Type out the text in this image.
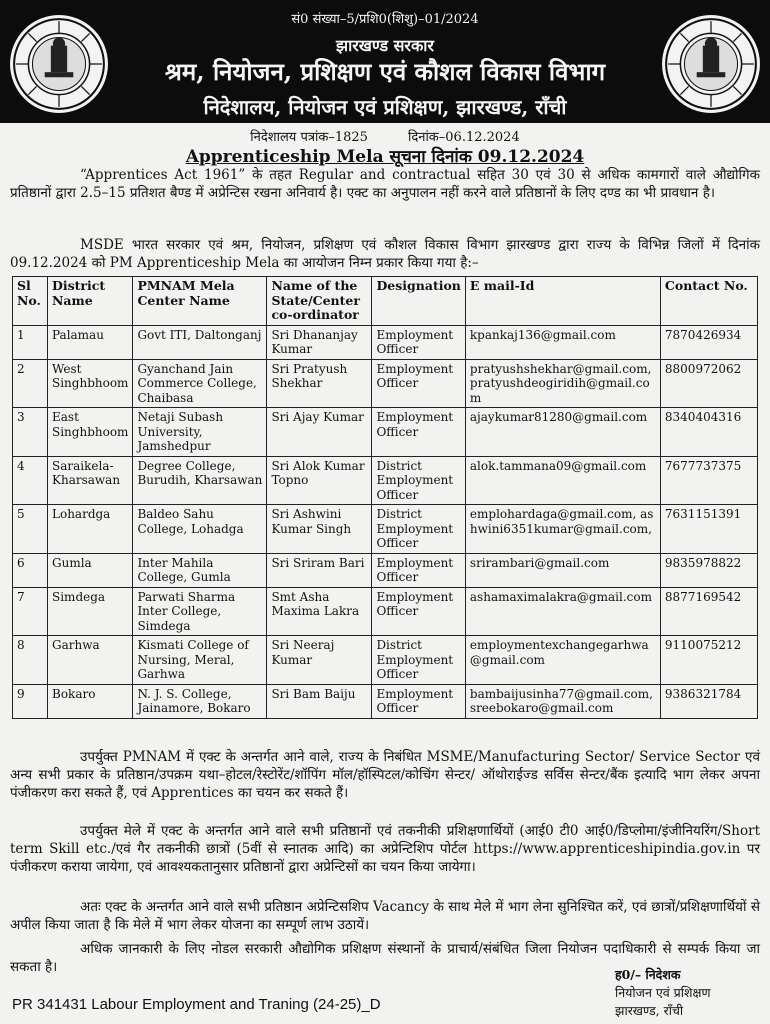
सं0 संख्या–5/प्रशि0(शिशु)–01/2024
झारखण्ड सरकार
श्रम, नियोजन, प्रशिक्षण एवं कौशल विकास विभाग
निदेशालय, नियोजन एवं प्रशिक्षण, झारखण्ड, राँची
निदेशालय पत्रांक–1825	दिनांक–06.12.2024
Apprenticeship Mela सूचना दिनांक 09.12.2024
“Apprentices Act 1961” के तहत Regular and contractual सहित 30 एवं 30 से अधिक कामगारों वाले औद्योगिक प्रतिष्ठानों द्वारा 2.5–15 प्रतिशत बैण्ड में अप्रेन्टिस रखना अनिवार्य है। एक्ट का अनुपालन नहीं करने वाले प्रतिष्ठानों के लिए दण्ड का भी प्रावधान है।
MSDE भारत सरकार एवं श्रम, नियोजन, प्रशिक्षण एवं कौशल विकास विभाग झारखण्ड द्वारा राज्य के विभिन्न जिलों में दिनांक 09.12.2024 को PM Apprenticeship Mela का आयोजन निम्न प्रकार किया गया है:–
Sl No.	District Name	PMNAM Mela Center Name	Name of the State/Center co-ordinator	Designation	E mail-Id	Contact No.
1	Palamau	Govt ITI, Daltonganj	Sri Dhananjay Kumar	Employment Officer	kpankaj136@gmail.com	7870426934
2	West Singhbhoom	Gyanchand Jain Commerce College, Chaibasa	Sri Pratyush Shekhar	Employment Officer	pratyushshekhar@gmail.com, pratyushdeogiridih@gmail.com	8800972062
3	East Singhbhoom	Netaji Subash University, Jamshedpur	Sri Ajay Kumar	Employment Officer	ajaykumar81280@gmail.com	8340404316
4	Saraikela-Kharsawan	Degree College, Burudih, Kharsawan	Sri Alok Kumar Topno	District Employment Officer	alok.tammana09@gmail.com	7677737375
5	Lohardga	Baldeo Sahu College, Lohadga	Sri Ashwini Kumar Singh	District Employment Officer	emplohardaga@gmail.com, ashwini6351kumar@gmail.com,	7631151391
6	Gumla	Inter Mahila College, Gumla	Sri Sriram Bari	Employment Officer	srirambari@gmail.com	9835978822
7	Simdega	Parwati Sharma Inter College, Simdega	Smt Asha Maxima Lakra	Employment Officer	ashamaximalakra@gmail.com	8877169542
8	Garhwa	Kismati College of Nursing, Meral, Garhwa	Sri Neeraj Kumar	District Employment Officer	employmentexchangegarhwa@gmail.com	9110075212
9	Bokaro	N. J. S. College, Jainamore, Bokaro	Sri Bam Baiju	Employment Officer	bambaijusinha77@gmail.com, sreebokaro@gmail.com	9386321784
उपर्युक्त PMNAM में एक्ट के अन्तर्गत आने वाले, राज्य के निबंधित MSME/Manufacturing Sector/ Service Sector एवं अन्य सभी प्रकार के प्रतिष्ठान/उपक्रम यथा–होटल/रेस्टोरेंट/शॉपिंग मॉल/हॉस्पिटल/कोचिंग सेन्टर/ ऑथोराईज्ड सर्विस सेन्टर/बैंक इत्यादि भाग लेकर अपना पंजीकरण करा सकते हैं, एवं Apprentices का चयन कर सकते हैं।
उपर्युक्त मेले में एक्ट के अन्तर्गत आने वाले सभी प्रतिष्ठानों एवं तकनीकी प्रशिक्षणार्थियों (आई0 टी0 आई0/डिप्लोमा/इंजीनियरिंग/Short term Skill etc./एवं गैर तकनीकी छात्रों (5वीं से स्नातक आदि) का अप्रेन्टिशिप पोर्टल https://www.apprenticeshipindia.gov.in पर पंजीकरण कराया जायेगा, एवं आवश्यकतानुसार प्रतिष्ठानों द्वारा अप्रेन्टिसों का चयन किया जायेगा।
अतः एक्ट के अन्तर्गत आने वाले सभी प्रतिष्ठान अप्रेन्टिसशिप Vacancy के साथ मेले में भाग लेना सुनिश्चित करें, एवं छात्रों/प्रशिक्षणार्थियों से अपील किया जाता है कि मेले में भाग लेकर योजना का सम्पूर्ण लाभ उठायें।
अधिक जानकारी के लिए नोडल सरकारी औद्योगिक प्रशिक्षण संस्थानों के प्राचार्य/संबंधित जिला नियोजन पदाधिकारी से सम्पर्क किया जा सकता है।	ह0/– निदेशक
नियोजन एवं प्रशिक्षण
झारखण्ड, राँची
PR 341431 Labour Employment and Traning (24-25)_D
